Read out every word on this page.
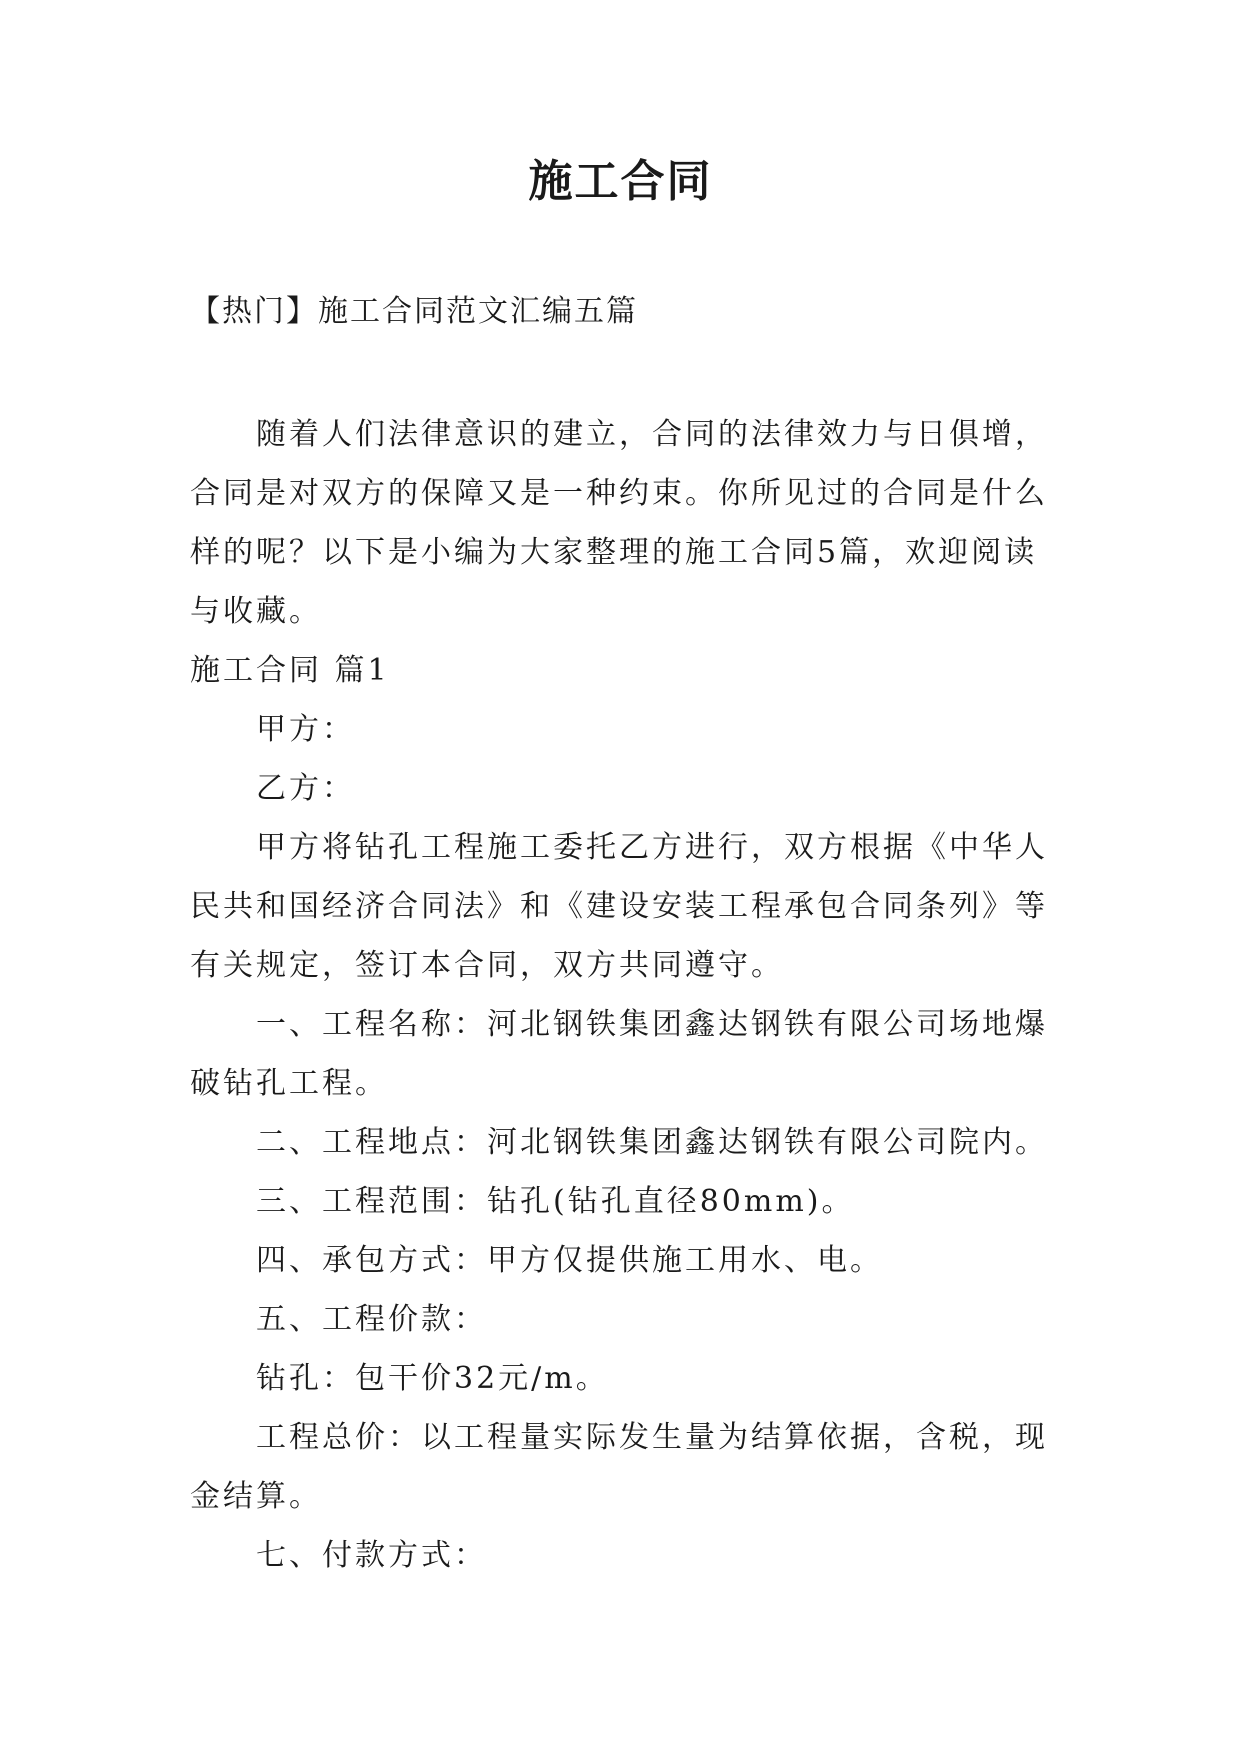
施工合同
【热门】施工合同范文汇编五篇
随着人们法律意识的建立，合同的法律效力与日俱增，
合同是对双方的保障又是一种约束。你所见过的合同是什么
样的呢？以下是小编为大家整理的施工合同5篇，欢迎阅读
与收藏。
施工合同 篇1
甲方：
乙方：
甲方将钻孔工程施工委托乙方进行，双方根据《中华人
民共和国经济合同法》和《建设安装工程承包合同条列》等
有关规定，签订本合同，双方共同遵守。
一、工程名称：河北钢铁集团鑫达钢铁有限公司场地爆
破钻孔工程。
二、工程地点：河北钢铁集团鑫达钢铁有限公司院内。
三、工程范围：钻孔(钻孔直径80mm)。
四、承包方式：甲方仅提供施工用水、电。
五、工程价款：
钻孔：包干价32元/m。
工程总价：以工程量实际发生量为结算依据，含税，现
金结算。
七、付款方式：
